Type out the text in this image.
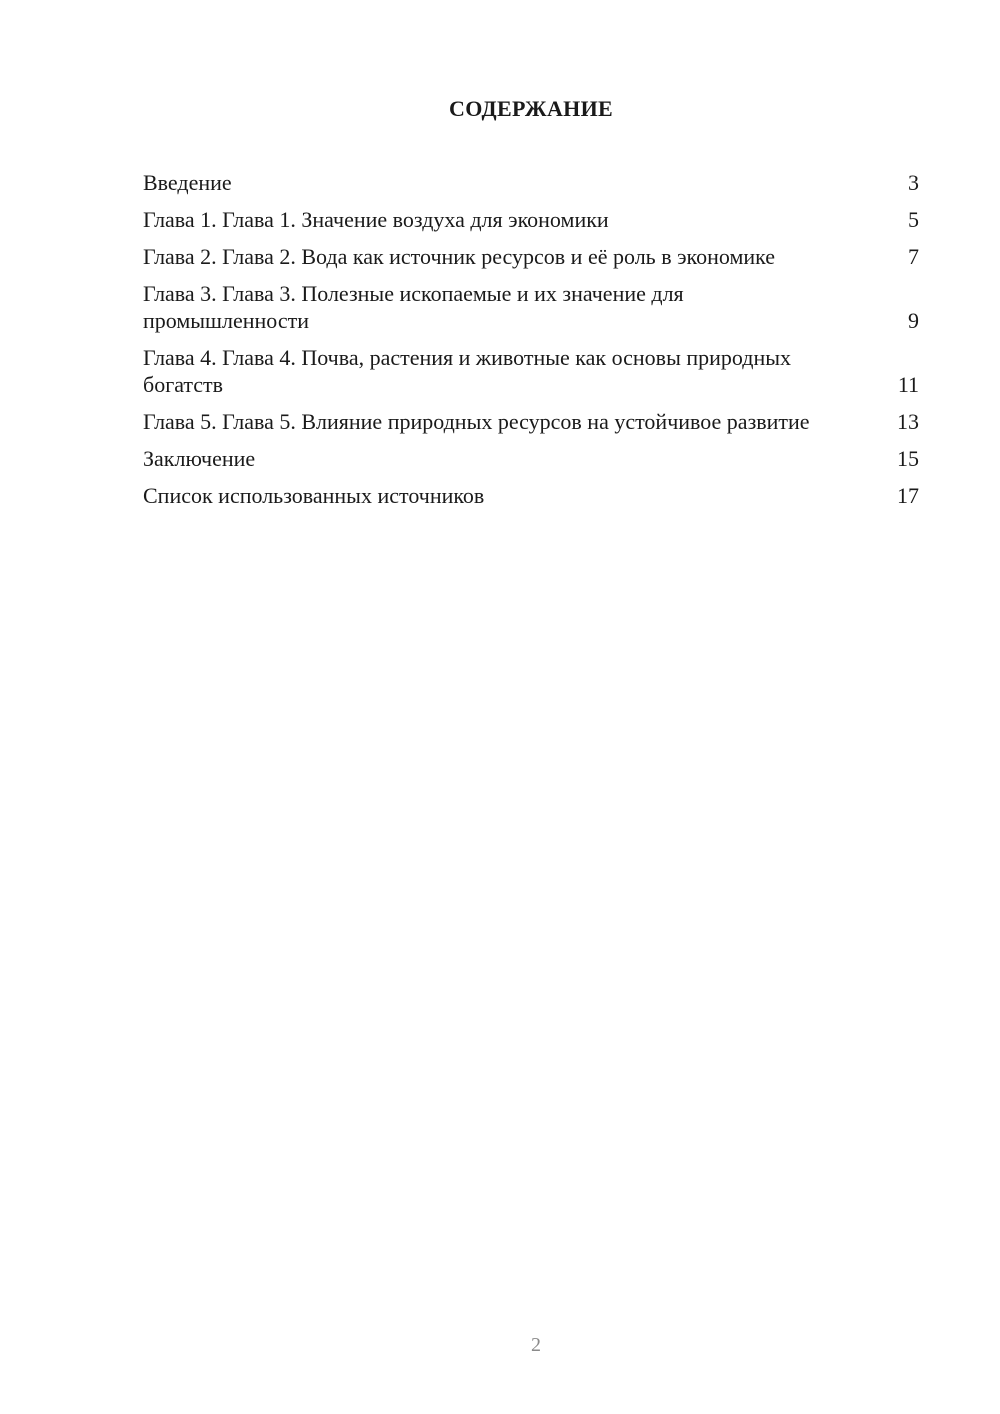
СОДЕРЖАНИЕ
Введение	3
Глава 1. Глава 1. Значение воздуха для экономики	5
Глава 2. Глава 2. Вода как источник ресурсов и её роль в экономике	7
Глава 3. Глава 3. Полезные ископаемые и их значение для промышленности	9
Глава 4. Глава 4. Почва, растения и животные как основы природных богатств	11
Глава 5. Глава 5. Влияние природных ресурсов на устойчивое развитие	13
Заключение	15
Список использованных источников	17
2
